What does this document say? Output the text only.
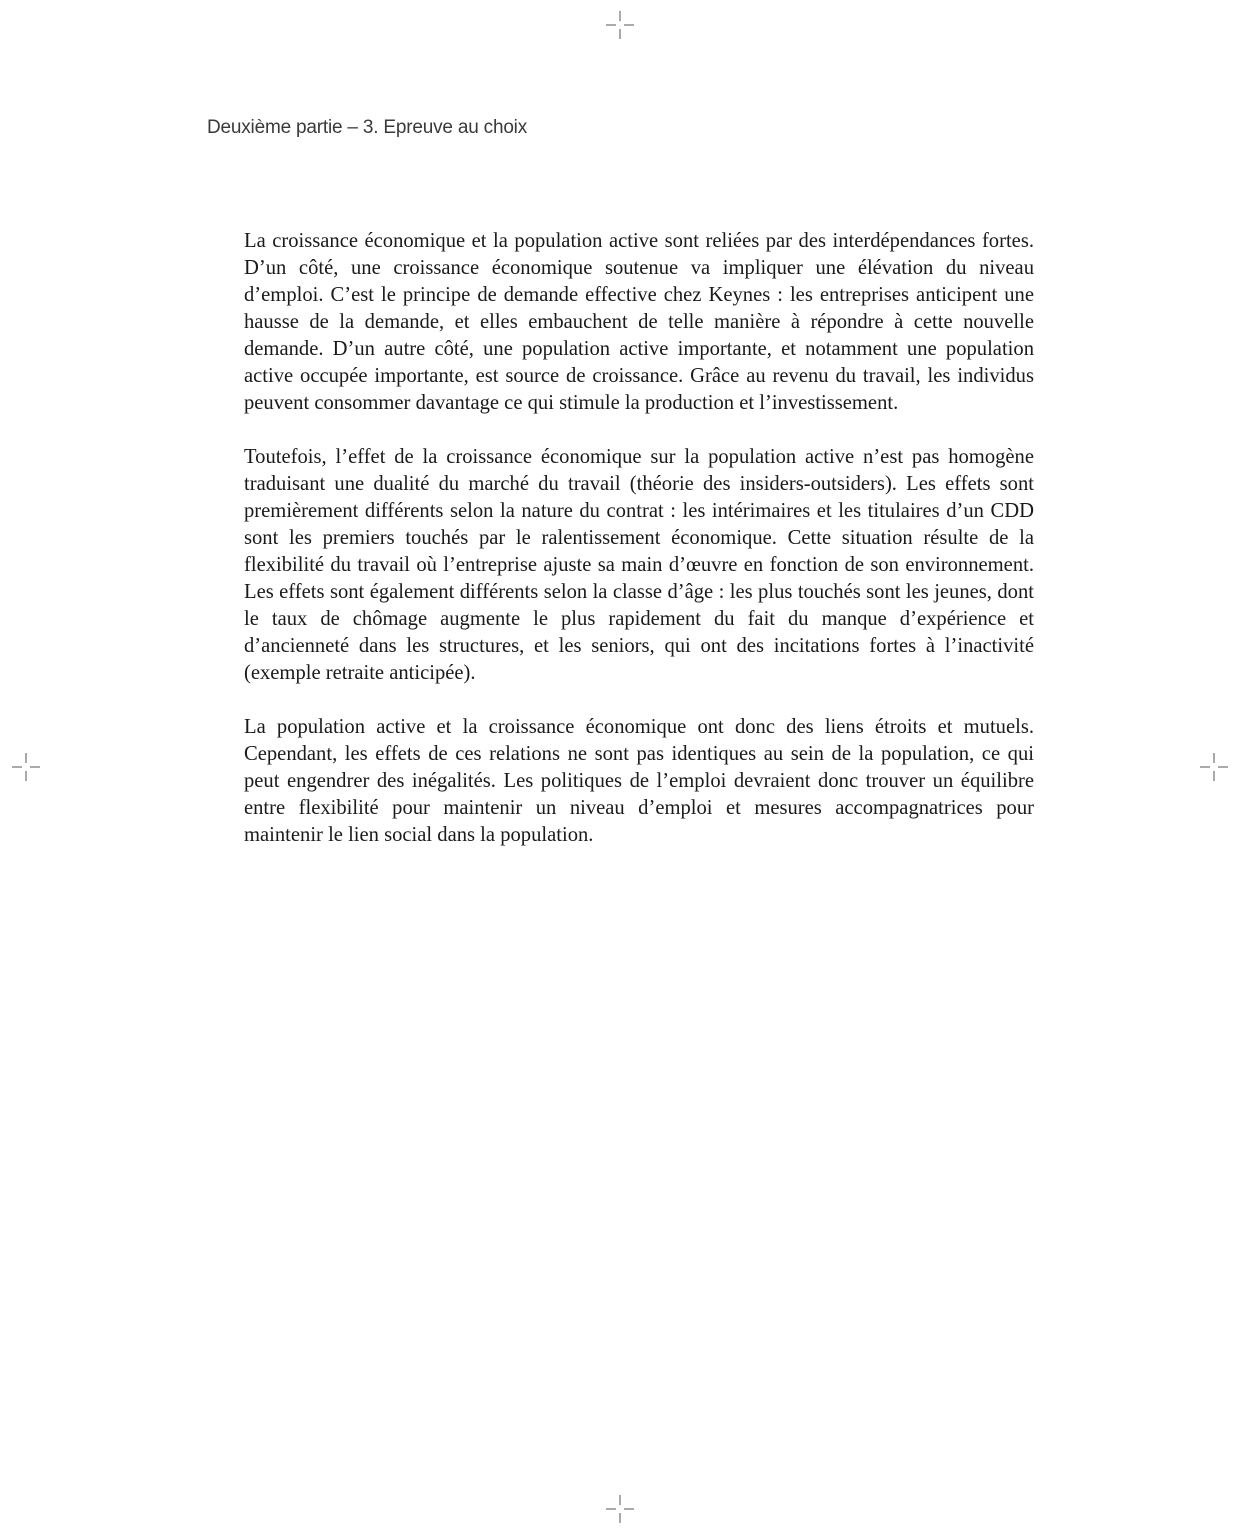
Deuxième partie – 3. Epreuve au choix

La croissance économique et la population active sont reliées par des interdépendances fortes. D’un côté, une croissance économique soutenue va impliquer une élévation du niveau d’emploi. C’est le principe de demande effective chez Keynes : les entreprises anticipent une hausse de la demande, et elles embauchent de telle manière à répondre à cette nouvelle demande. D’un autre côté, une population active importante, et notamment une population active occupée importante, est source de croissance. Grâce au revenu du travail, les individus peuvent consommer davantage ce qui stimule la production et l’investissement.

Toutefois, l’effet de la croissance économique sur la population active n’est pas homogène traduisant une dualité du marché du travail (théorie des insiders-outsiders). Les effets sont premièrement différents selon la nature du contrat : les intérimaires et les titulaires d’un CDD sont les premiers touchés par le ralentissement économique. Cette situation résulte de la flexibilité du travail où l’entreprise ajuste sa main d’œuvre en fonction de son environnement. Les effets sont également différents selon la classe d’âge : les plus touchés sont les jeunes, dont le taux de chômage augmente le plus rapidement du fait du manque d’expérience et d’ancienneté dans les structures, et les seniors, qui ont des incitations fortes à l’inactivité (exemple retraite anticipée).

La population active et la croissance économique ont donc des liens étroits et mutuels. Cependant, les effets de ces relations ne sont pas identiques au sein de la population, ce qui peut engendrer des inégalités. Les politiques de l’emploi devraient donc trouver un équilibre entre flexibilité pour maintenir un niveau d’emploi et mesures accompagnatrices pour maintenir le lien social dans la population.
